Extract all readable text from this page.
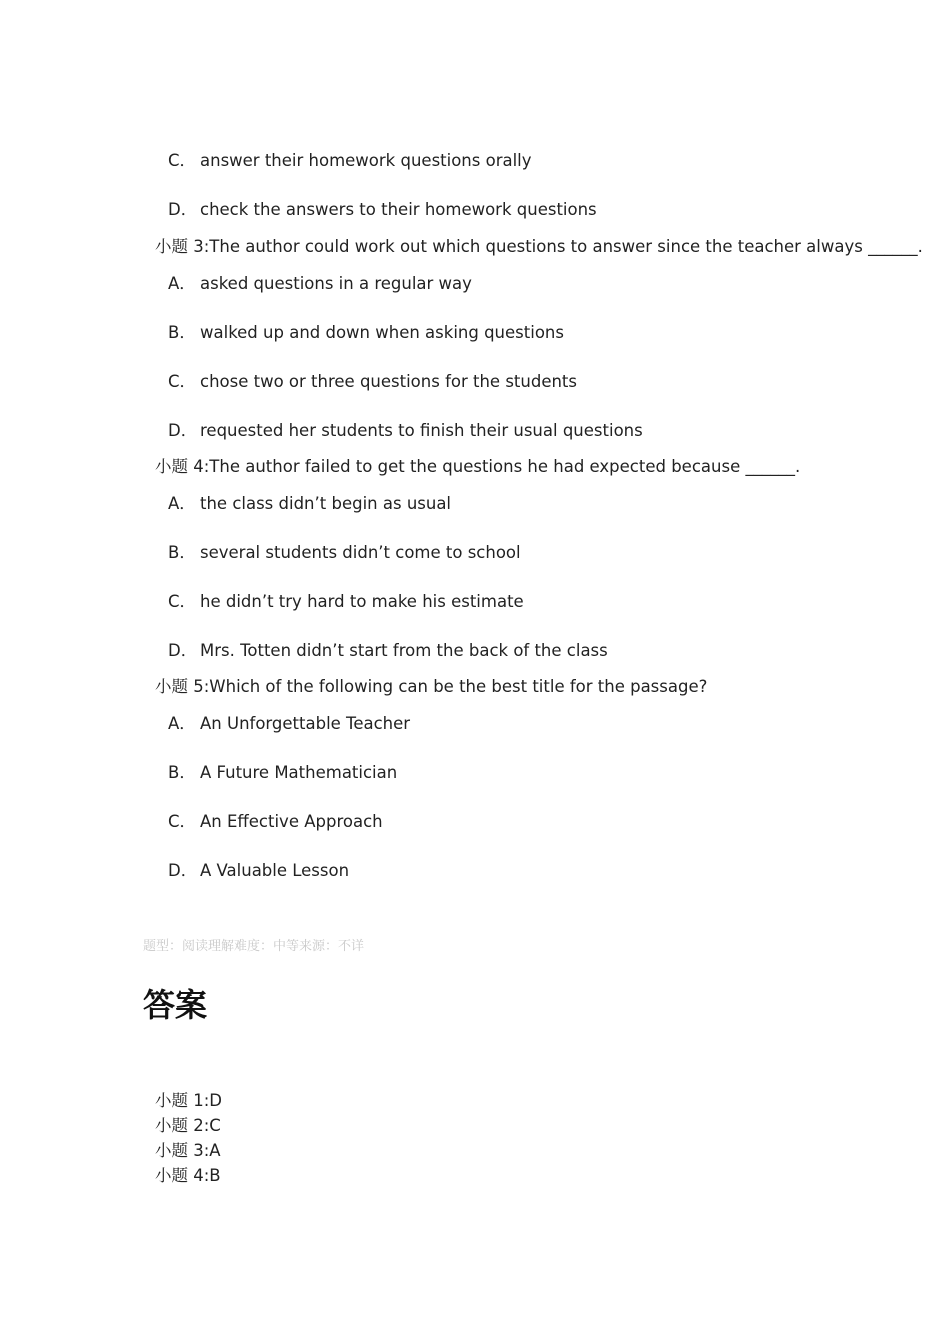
C． answer their homework questions orally
D． check the answers to their homework questions
小题 3:The author could work out which questions to answer since the teacher always ______.
A． asked questions in a regular way
B． walked up and down when asking questions
C． chose two or three questions for the students
D． requested her students to finish their usual questions
小题 4:The author failed to get the questions he had expected because ______.
A． the class didn’t begin as usual
B． several students didn’t come to school
C． he didn’t try hard to make his estimate
D． Mrs. Totten didn’t start from the back of the class
小题 5:Which of the following can be the best title for the passage?
A． An Unforgettable Teacher
B． A Future Mathematician
C． An Effective Approach
D． A Valuable Lesson
题型：阅读理解难度：中等来源：不详
答案
小题 1:D
小题 2:C
小题 3:A
小题 4:B
